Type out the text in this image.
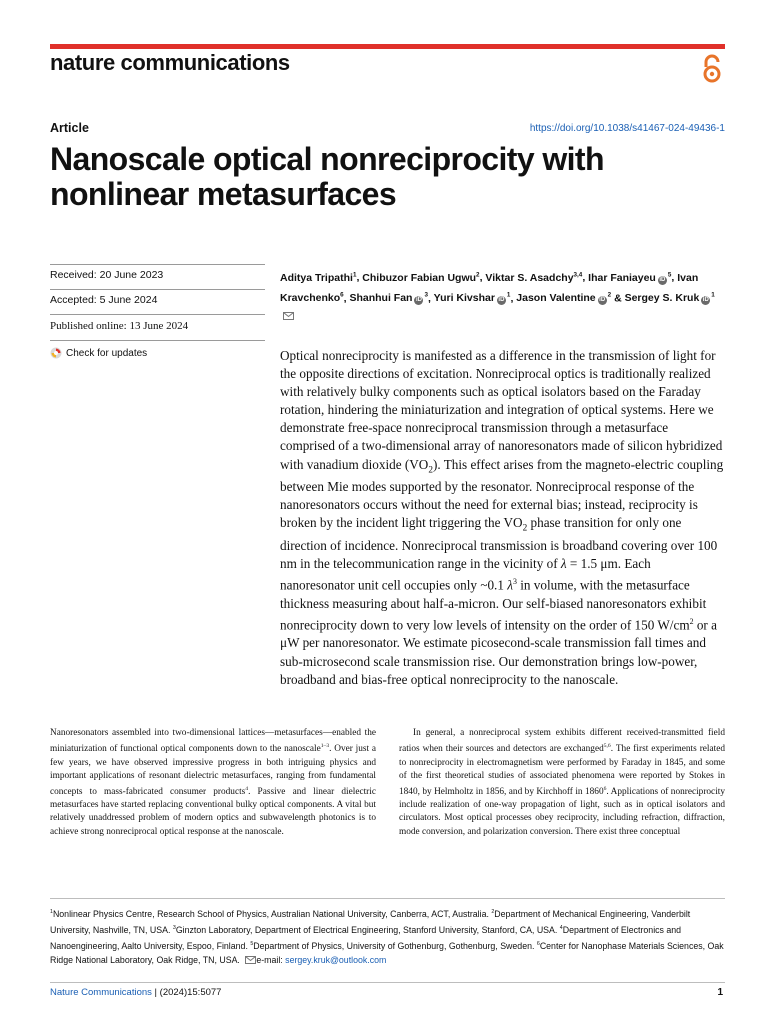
nature communications
Article	https://doi.org/10.1038/s41467-024-49436-1
Nanoscale optical nonreciprocity with nonlinear metasurfaces
Received: 20 June 2023
Accepted: 5 June 2024
Published online: 13 June 2024
Check for updates

Aditya Tripathi$^1$, Chibuzor Fabian Ugwu$^2$, Viktar S. Asadchy$^{3,4}$, Ihar Faniayeu $iD^5$, Ivan Kravchenko$^6$, Shanhui Fan $iD^3$, Yuri Kivshar $iD^1$, Jason Valentine $iD^2$ & Sergey S. Kruk $iD^1$

Optical nonreciprocity is manifested as a difference in the transmission of light for the opposite directions of excitation. Nonreciprocal optics is traditionally realized with relatively bulky components such as optical isolators based on the Faraday rotation, hindering the miniaturization and integration of optical systems. Here we demonstrate free-space nonreciprocal transmission through a metasurface comprised of a two-dimensional array of nanoresonators made of silicon hybridized with vanadium dioxide $(VO_2)$. This effect arises from the magneto-electric coupling between Mie modes supported by the resonator. Nonreciprocal response of the nanoresonators occurs without the need for external bias; instead, reciprocity is broken by the incident light triggering the $VO_2$ phase transition for only one direction of incidence. Nonreciprocal transmission is broadband covering over 100 nm in the telecommunication range in the vicinity of λ = 1.5 μm. Each nanoresonator unit cell occupies only ~0.1 $\lambda^3$ in volume, with the metasurface thickness measuring about half-a-micron. Our self-biased nanoresonators exhibit nonreciprocity down to very low levels of intensity on the order of 150 $W/cm^2$ or a μW per nanoresonator. We estimate picosecond-scale transmission fall times and sub-microsecond scale transmission rise. Our demonstration brings low-power, broadband and bias-free optical nonreciprocity to the nanoscale.

Nanoresonators assembled into two-dimensional lattices—metasurfaces—enabled the miniaturization of functional optical components down to the nanoscale$^{1-3}$. Over just a few years, we have observed impressive progress in both intriguing physics and important applications of resonant dielectric metasurfaces, ranging from fundamental concepts to mass-fabricated consumer products$^4$. Passive and linear dielectric metasurfaces have started replacing conventional bulky optical components. A vital but relatively unaddressed problem of modern optics and subwavelength photonics is to achieve strong nonreciprocal optical response at the nanoscale.

In general, a nonreciprocal system exhibits different received-transmitted field ratios when their sources and detectors are exchanged$^{5,6}$. The first experiments related to nonreciprocity in electromagnetism were performed by Faraday in 1845, and some of the first theoretical studies of associated phenomena were reported by Stokes in 1840, by Helmholtz in 1856, and by Kirchhoff in 1860$^6$. Applications of nonreciprocity include realization of one-way propagation of light, such as in optical isolators and circulators. Most optical processes obey reciprocity, including refraction, diffraction, mode conversion, and polarization conversion. There exist three conceptual

$^1$Nonlinear Physics Centre, Research School of Physics, Australian National University, Canberra, ACT, Australia. $^2$Department of Mechanical Engineering, Vanderbilt University, Nashville, TN, USA. $^3$Ginzton Laboratory, Department of Electrical Engineering, Stanford University, Stanford, CA, USA. $^4$Department of Electronics and Nanoengineering, Aalto University, Espoo, Finland. $^5$Department of Physics, University of Gothenburg, Gothenburg, Sweden. $^6$Center for Nanophase Materials Sciences, Oak Ridge National Laboratory, Oak Ridge, TN, USA. e-mail: sergey.kruk@outlook.com

Nature Communications | (2024)15:5077	1
